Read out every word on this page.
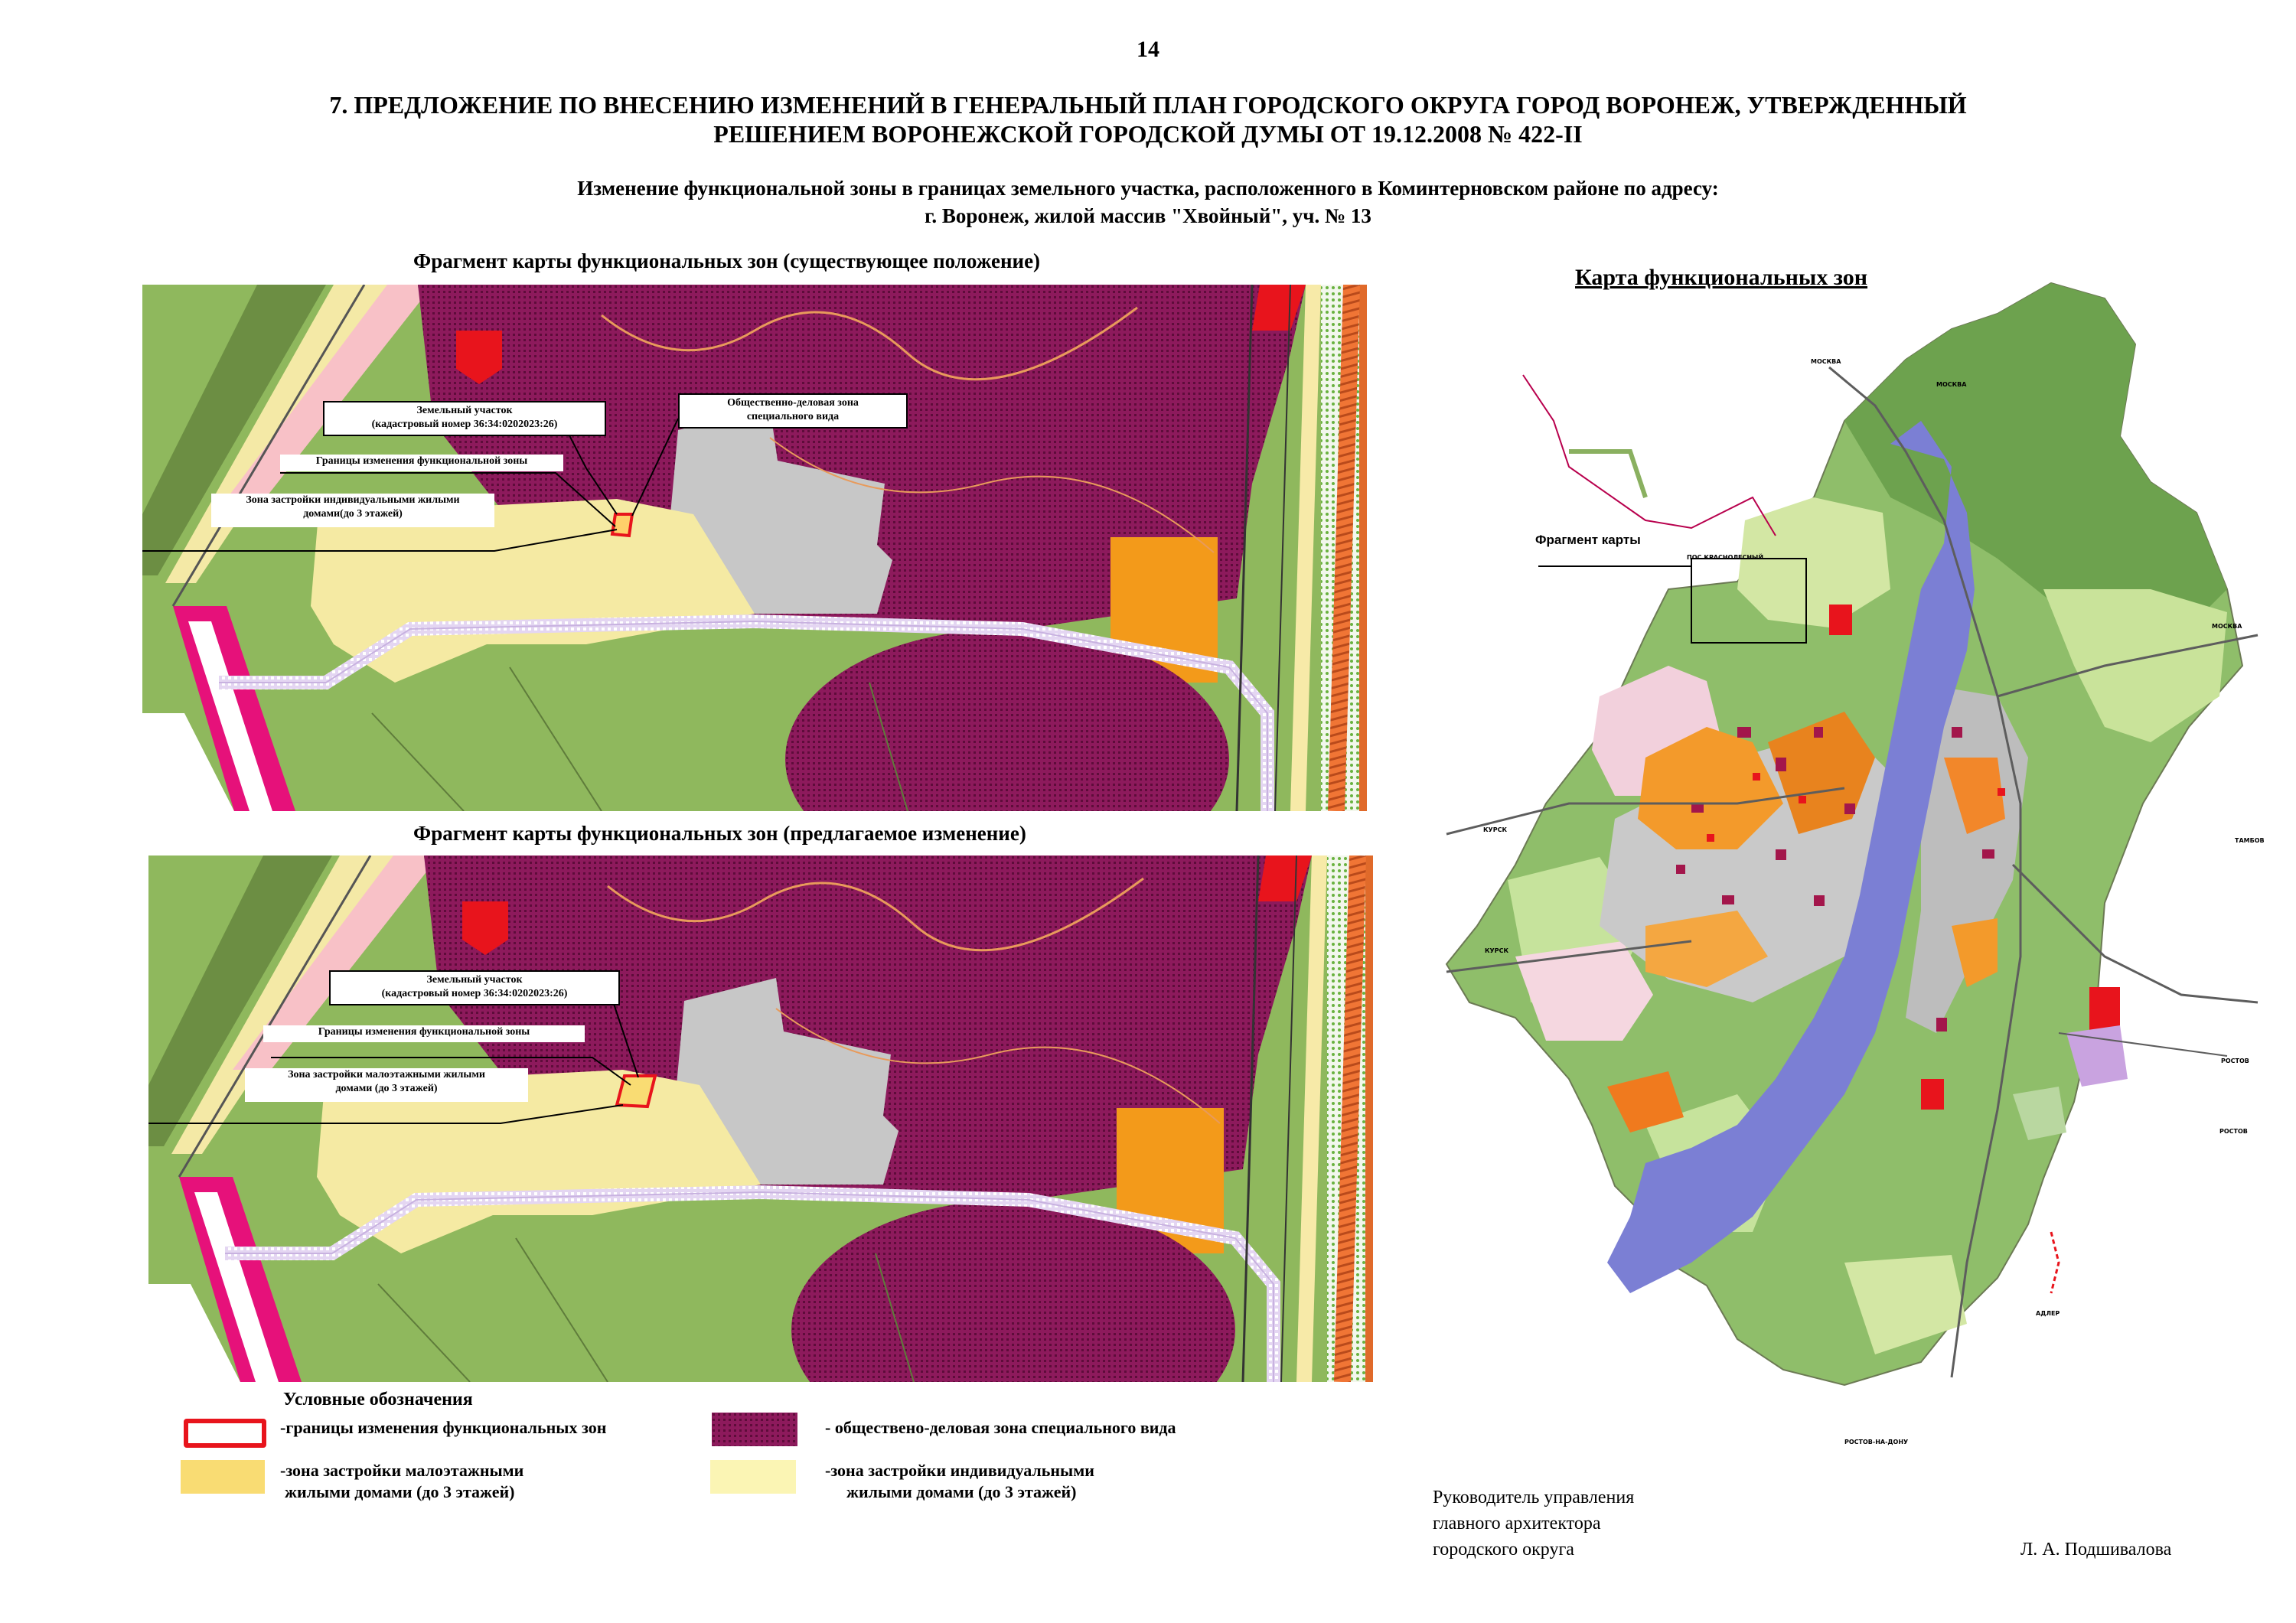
14
7. ПРЕДЛОЖЕНИЕ ПО ВНЕСЕНИЮ ИЗМЕНЕНИЙ В ГЕНЕРАЛЬНЫЙ ПЛАН ГОРОДСКОГО ОКРУГА ГОРОД ВОРОНЕЖ, УТВЕРЖДЕННЫЙ
РЕШЕНИЕМ ВОРОНЕЖСКОЙ ГОРОДСКОЙ ДУМЫ ОТ 19.12.2008 № 422-II
Изменение функциональной зоны в границах земельного участка, расположенного в Коминтерновском районе по адресу:
г. Воронеж, жилой массив "Хвойный", уч. № 13
Фрагмент карты функциональных зон (существующее положение)
Земельный участок
(кадастровый номер 36:34:0202023:26)
Общественно-деловая зона
специального вида
Границы изменения функциональной зоны
Зона застройки индивидуальными жилыми
домами(до 3 этажей)
Фрагмент карты функциональных зон (предлагаемое изменение)
Земельный участок
(кадастровый номер 36:34:0202023:26)
Границы изменения функциональной зоны
Зона застройки малоэтажными жилыми
домами (до 3 этажей)
Условные обозначения
-границы изменения функциональных зон	- обществено-деловая зона специального вида
-зона застройки малоэтажными
жилыми домами (до 3 этажей)
-зона застройки индивидуальными
жилыми домами (до 3 этажей)
Карта функциональных зон
Фрагмент карты
ПОС.КРАСНОЛЕСНЫЙ
МОСКВА
МОСКВА
МОСКВА
ТАМБОВ
КУРСК
КУРСК
РОСТОВ
РОСТОВ
АДЛЕР
РОСТОВ-НА-ДОНУ
Руководитель управления
главного архитектора
городского округа	Л. А. Подшивалова
